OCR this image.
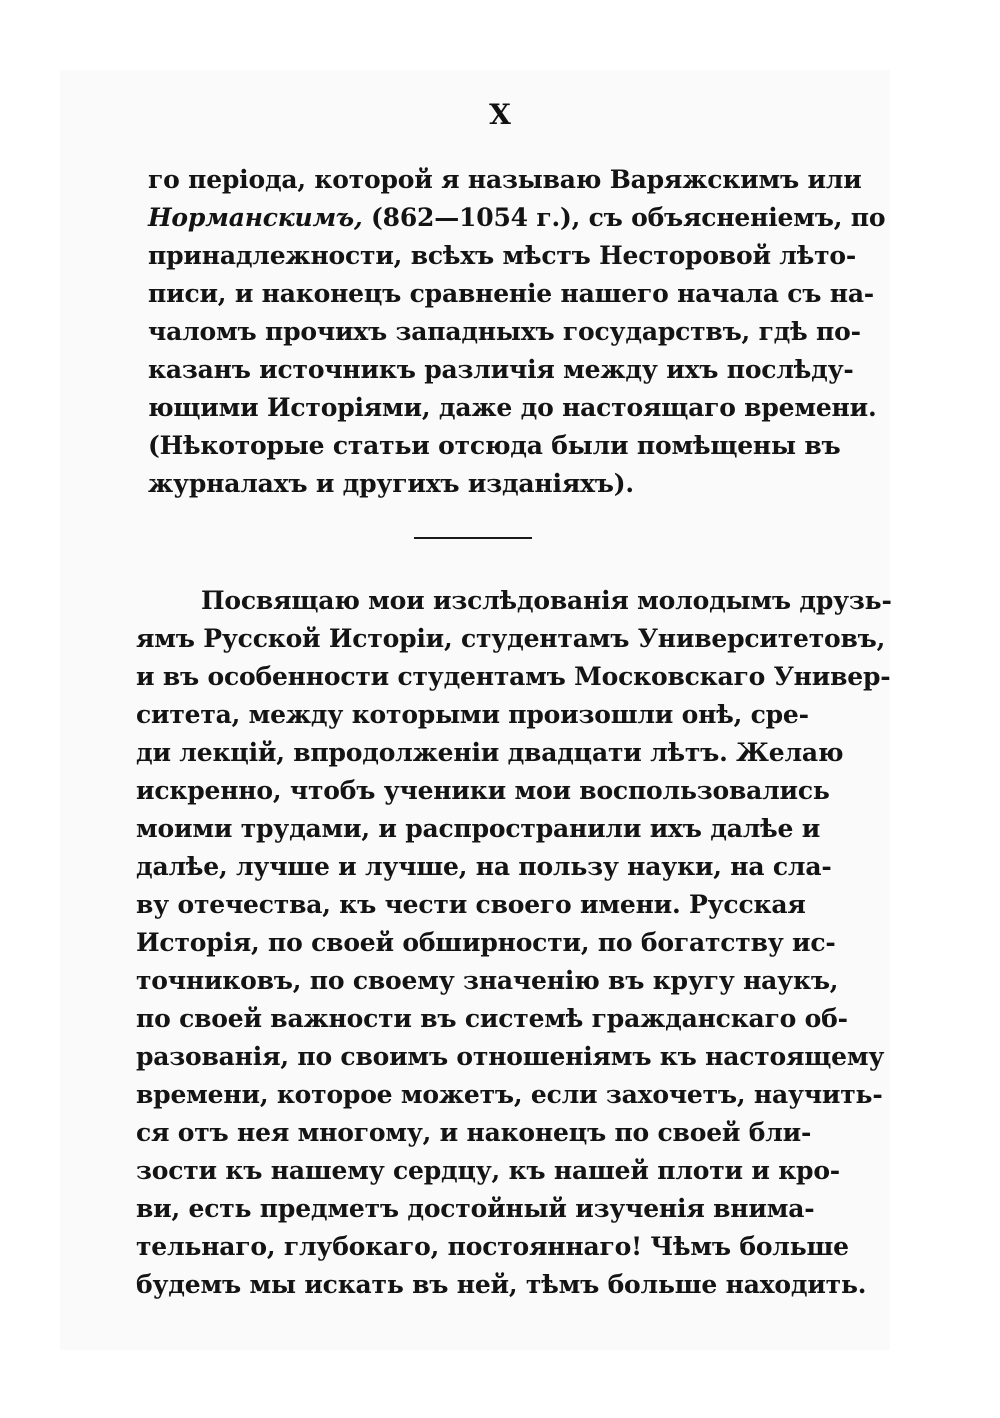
X
го періода, которой я называю Варяжскимъ или
Норманскимъ, (862—1054 г.), съ объясненіемъ, по
принадлежности, всѣхъ мѣстъ Несторовой лѣто-
писи, и наконецъ сравненіе нашего начала съ на-
чаломъ прочихъ западныхъ государствъ, гдѣ по-
казанъ источникъ различія между ихъ послѣду-
ющими Исторіями, даже до настоящаго времени.
(Нѣкоторые статьи отсюда были помѣщены въ
журналахъ и другихъ изданіяхъ).
Посвящаю мои изслѣдованія молодымъ друзь-
ямъ Русской Исторіи, студентамъ Университетовъ,
и въ особенности студентамъ Московскаго Универ-
ситета, между которыми произошли онѣ, сре-
ди лекцій, впродолженіи двадцати лѣтъ. Желаю
искренно, чтобъ ученики мои воспользовались
моими трудами, и распространили ихъ далѣе и
далѣе, лучше и лучше, на пользу науки, на сла-
ву отечества, къ чести своего имени. Русская
Исторія, по своей обширности, по богатству ис-
точниковъ, по своему значенію въ кругу наукъ,
по своей важности въ системѣ гражданскаго об-
разованія, по своимъ отношеніямъ къ настоящему
времени, которое можетъ, если захочетъ, научить-
ся отъ нея многому, и наконецъ по своей бли-
зости къ нашему сердцу, къ нашей плоти и кро-
ви, есть предметъ достойный изученія внима-
тельнаго, глубокаго, постояннаго! Чѣмъ больше
будемъ мы искать въ ней, тѣмъ больше находить.
